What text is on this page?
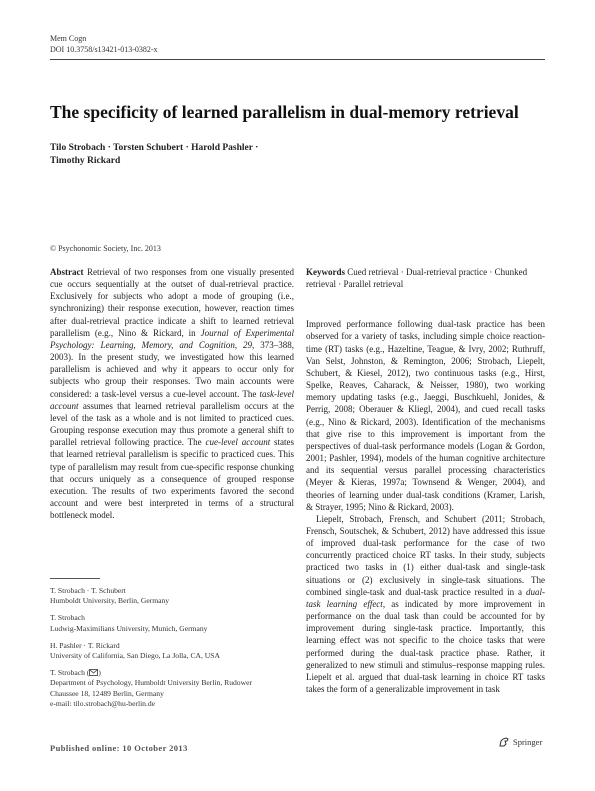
Mem Cogn
DOI 10.3758/s13421-013-0382-x
The specificity of learned parallelism in dual-memory retrieval
Tilo Strobach · Torsten Schubert · Harold Pashler ·
Timothy Rickard
© Psychonomic Society, Inc. 2013

Abstract Retrieval of two responses from one visually presented cue occurs sequentially at the outset of dual-retrieval practice. Exclusively for subjects who adopt a mode of grouping (i.e., synchronizing) their response execution, however, reaction times after dual-retrieval practice indicate a shift to learned retrieval parallelism (e.g., Nino & Rickard, in Journal of Experimental Psychology: Learning, Memory, and Cognition, 29, 373–388, 2003). In the present study, we investigated how this learned parallelism is achieved and why it appears to occur only for subjects who group their responses. Two main accounts were considered: a task-level versus a cue-level account. The task-level account assumes that learned retrieval parallelism occurs at the level of the task as a whole and is not limited to practiced cues. Grouping response execution may thus promote a general shift to parallel retrieval following practice. The cue-level account states that learned retrieval parallelism is specific to practiced cues. This type of parallelism may result from cue-specific response chunking that occurs uniquely as a consequence of grouped response execution. The results of two experiments favored the second account and were best interpreted in terms of a structural bottleneck model.

T. Strobach · T. Schubert
Humboldt University, Berlin, Germany
T. Strobach
Ludwig-Maximilians University, Munich, Germany
H. Pashler · T. Rickard
University of California, San Diego, La Jolla, CA, USA
T. Strobach ( )
Department of Psychology, Humboldt University Berlin, Rudower
Chaussee 18, 12489 Berlin, Germany
e-mail: tilo.strobach@hu-berlin.de

Keywords Cued retrieval · Dual-retrieval practice · Chunked retrieval · Parallel retrieval

Improved performance following dual-task practice has been observed for a variety of tasks, including simple choice reaction-time (RT) tasks (e.g., Hazeltine, Teague, & Ivry, 2002; Ruthruff, Van Selst, Johnston, & Remington, 2006; Strobach, Liepelt, Schubert, & Kiesel, 2012), two continuous tasks (e.g., Hirst, Spelke, Reaves, Caharack, & Neisser, 1980), two working memory updating tasks (e.g., Jaeggi, Buschkuehl, Jonides, & Perrig, 2008; Oberauer & Kliegl, 2004), and cued recall tasks (e.g., Nino & Rickard, 2003). Identification of the mechanisms that give rise to this improvement is important from the perspectives of dual-task performance models (Logan & Gordon, 2001; Pashler, 1994), models of the human cognitive architecture and its sequential versus parallel processing characteristics (Meyer & Kieras, 1997a; Townsend & Wenger, 2004), and theories of learning under dual-task conditions (Kramer, Larish, & Strayer, 1995; Nino & Rickard, 2003).

Liepelt, Strobach, Frensch, and Schubert (2011; Strobach, Frensch, Soutschek, & Schubert, 2012) have addressed this issue of improved dual-task performance for the case of two concurrently practiced choice RT tasks. In their study, subjects practiced two tasks in (1) either dual-task and single-task situations or (2) exclusively in single-task situations. The combined single-task and dual-task practice resulted in a dual-task learning effect, as indicated by more improvement in performance on the dual task than could be accounted for by improvement during single-task practice. Importantly, this learning effect was not specific to the choice tasks that were performed during the dual-task practice phase. Rather, it generalized to new stimuli and stimulus–response mapping rules. Liepelt et al. argued that dual-task learning in choice RT tasks takes the form of a generalizable improvement in task

Published online: 10 October 2013
Springer
